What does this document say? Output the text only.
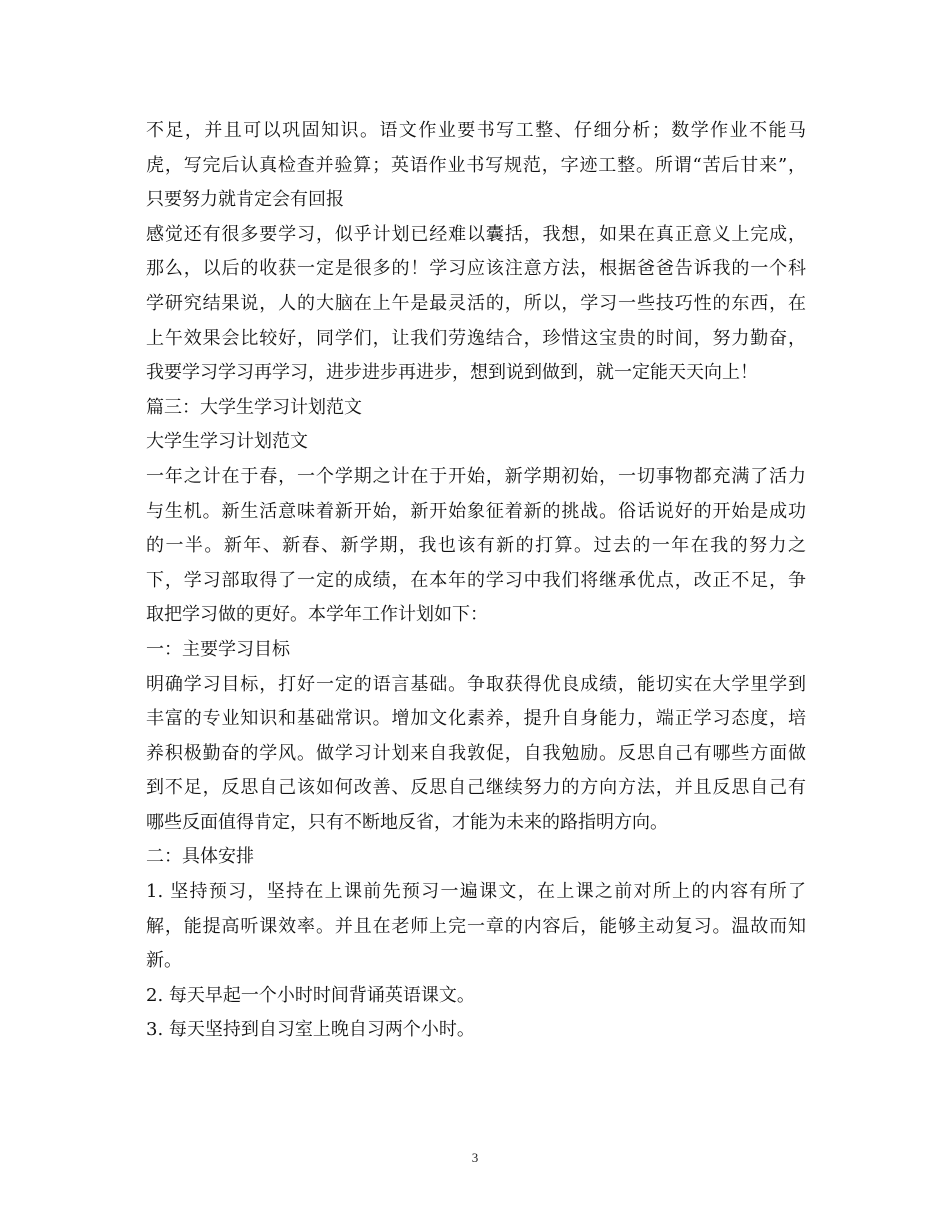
不足，并且可以巩固知识。语文作业要书写工整、仔细分析；数学作业不能马
虎，写完后认真检查并验算；英语作业书写规范，字迹工整。所谓“苦后甘来”，
只要努力就肯定会有回报
感觉还有很多要学习，似乎计划已经难以囊括，我想，如果在真正意义上完成，
那么，以后的收获一定是很多的！学习应该注意方法，根据爸爸告诉我的一个科
学研究结果说，人的大脑在上午是最灵活的，所以，学习一些技巧性的东西，在
上午效果会比较好，同学们，让我们劳逸结合，珍惜这宝贵的时间，努力勤奋，
我要学习学习再学习，进步进步再进步，想到说到做到，就一定能天天向上！
篇三：大学生学习计划范文
大学生学习计划范文
一年之计在于春，一个学期之计在于开始，新学期初始，一切事物都充满了活力
与生机。新生活意味着新开始，新开始象征着新的挑战。俗话说好的开始是成功
的一半。新年、新春、新学期，我也该有新的打算。过去的一年在我的努力之
下，学习部取得了一定的成绩，在本年的学习中我们将继承优点，改正不足，争
取把学习做的更好。本学年工作计划如下：
一：主要学习目标
明确学习目标，打好一定的语言基础。争取获得优良成绩，能切实在大学里学到
丰富的专业知识和基础常识。增加文化素养，提升自身能力，端正学习态度，培
养积极勤奋的学风。做学习计划来自我敦促，自我勉励。反思自己有哪些方面做
到不足，反思自己该如何改善、反思自己继续努力的方向方法，并且反思自己有
哪些反面值得肯定，只有不断地反省，才能为未来的路指明方向。
二：具体安排
1. 坚持预习，坚持在上课前先预习一遍课文，在上课之前对所上的内容有所了
解，能提高听课效率。并且在老师上完一章的内容后，能够主动复习。温故而知
新。
2. 每天早起一个小时时间背诵英语课文。
3. 每天坚持到自习室上晚自习两个小时。
3
